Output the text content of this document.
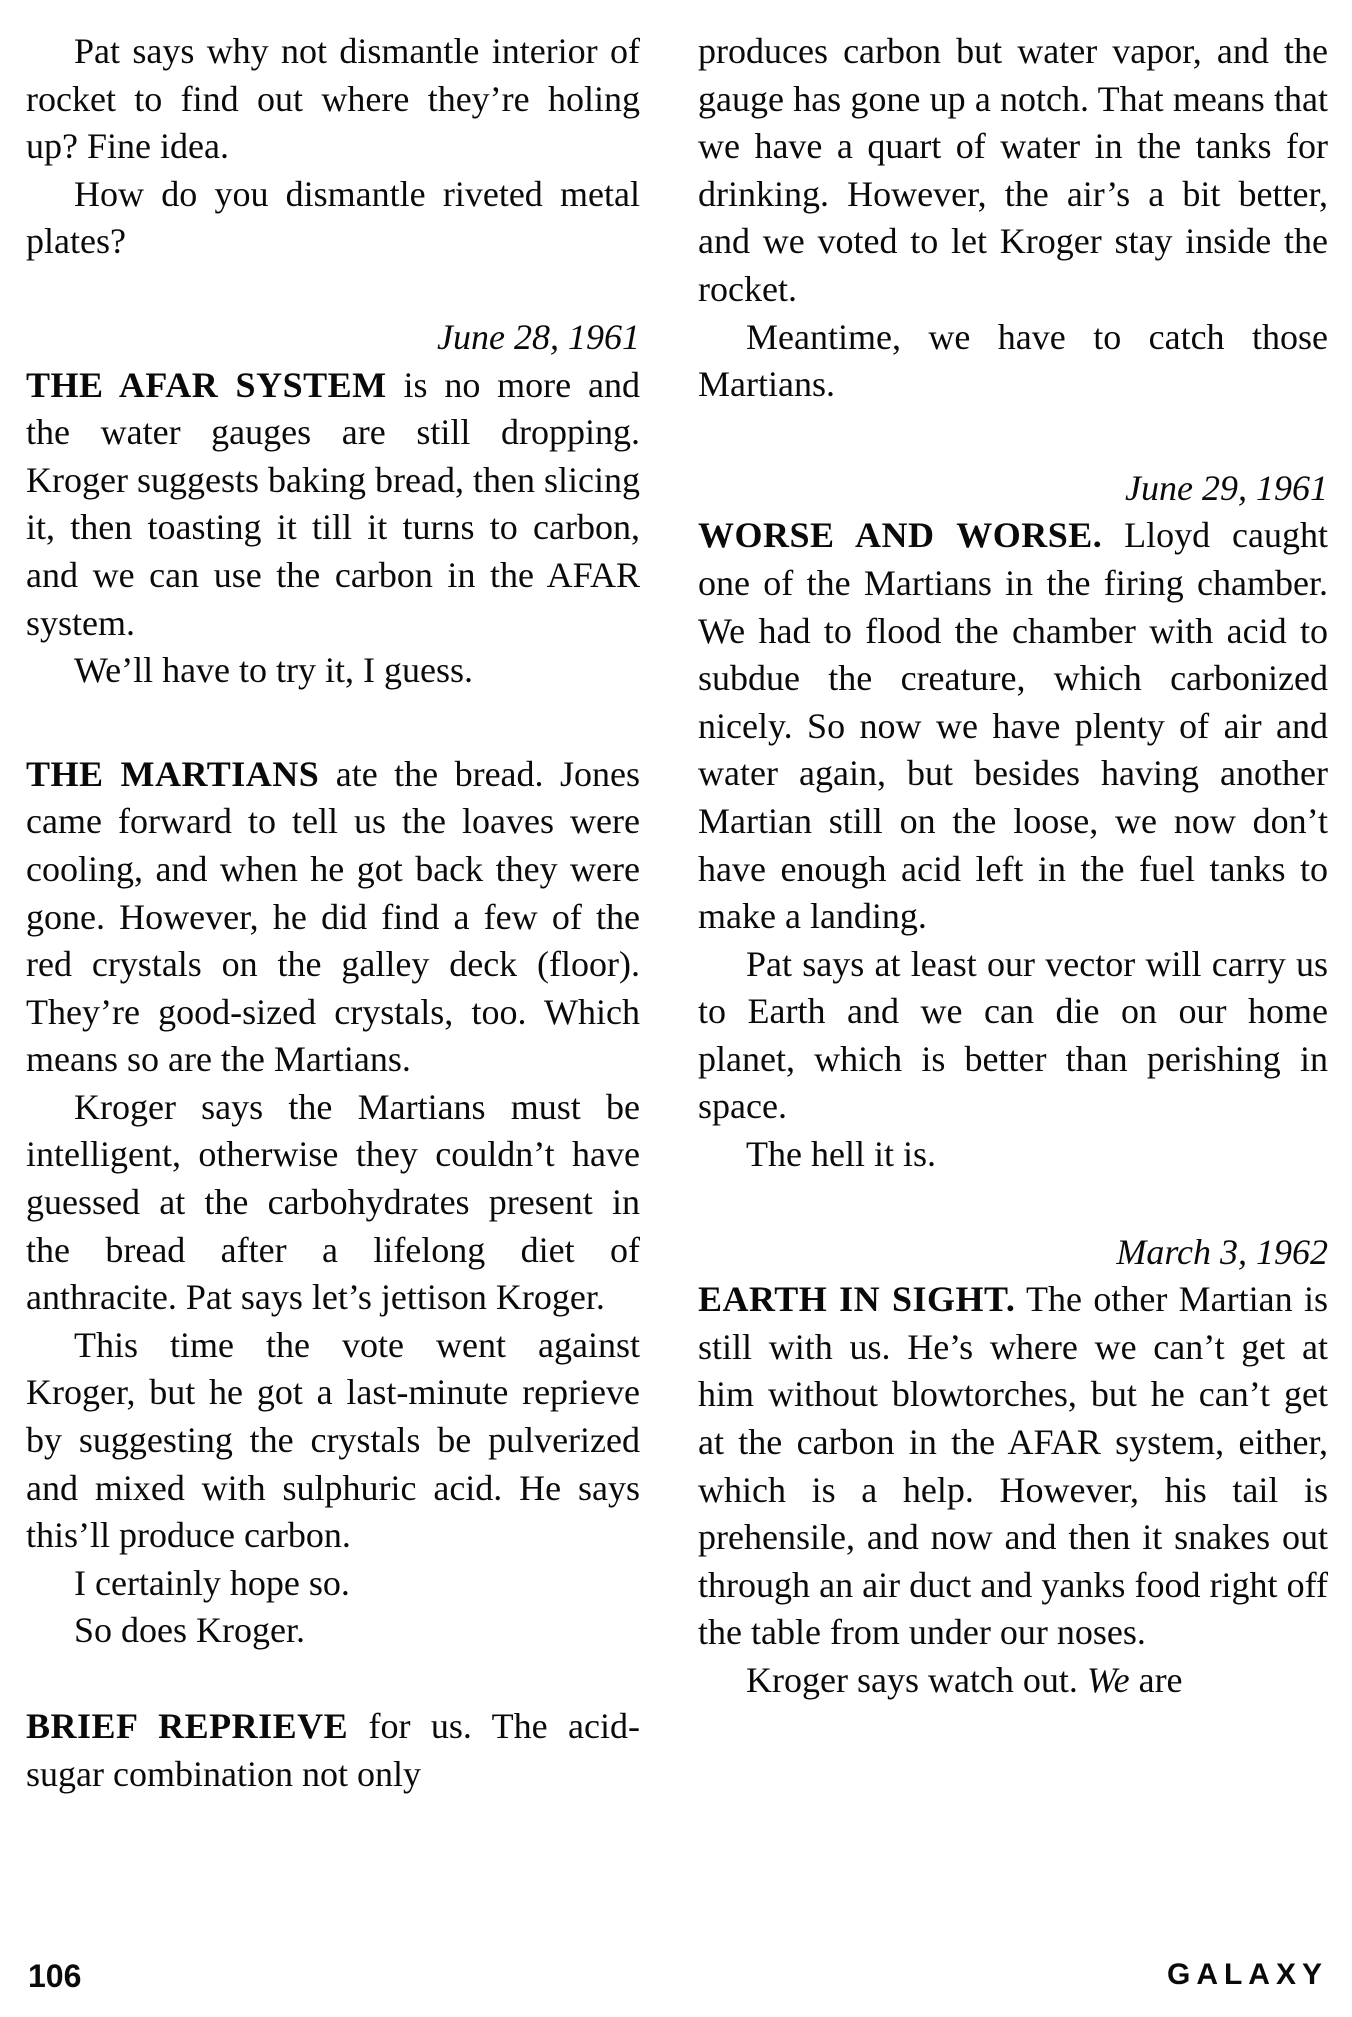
Pat says why not dismantle interior of rocket to find out where they’re holing up? Fine idea.

How do you dismantle riveted metal plates?

June 28, 1961

THE AFAR SYSTEM is no more and the water gauges are still dropping. Kroger suggests baking bread, then slicing it, then toasting it till it turns to carbon, and we can use the carbon in the AFAR system.

We’ll have to try it, I guess.

THE MARTIANS ate the bread. Jones came forward to tell us the loaves were cooling, and when he got back they were gone. However, he did find a few of the red crystals on the galley deck (floor). They’re good-sized crystals, too. Which means so are the Martians.

Kroger says the Martians must be intelligent, otherwise they couldn’t have guessed at the carbohydrates present in the bread after a lifelong diet of anthracite. Pat says let’s jettison Kroger.

This time the vote went against Kroger, but he got a last-minute reprieve by suggesting the crystals be pulverized and mixed with sulphuric acid. He says this’ll produce carbon.

I certainly hope so.

So does Kroger.

BRIEF REPRIEVE for us. The acid-sugar combination not only

produces carbon but water vapor, and the gauge has gone up a notch. That means that we have a quart of water in the tanks for drinking. However, the air’s a bit better, and we voted to let Kroger stay inside the rocket.

Meantime, we have to catch those Martians.

June 29, 1961

WORSE AND WORSE. Lloyd caught one of the Martians in the firing chamber. We had to flood the chamber with acid to subdue the creature, which carbonized nicely. So now we have plenty of air and water again, but besides having another Martian still on the loose, we now don’t have enough acid left in the fuel tanks to make a landing.

Pat says at least our vector will carry us to Earth and we can die on our home planet, which is better than perishing in space.

The hell it is.

March 3, 1962

EARTH IN SIGHT. The other Martian is still with us. He’s where we can’t get at him without blowtorches, but he can’t get at the carbon in the AFAR system, either, which is a help. However, his tail is prehensile, and now and then it snakes out through an air duct and yanks food right off the table from under our noses.

Kroger says watch out. We are

106	GALAXY
